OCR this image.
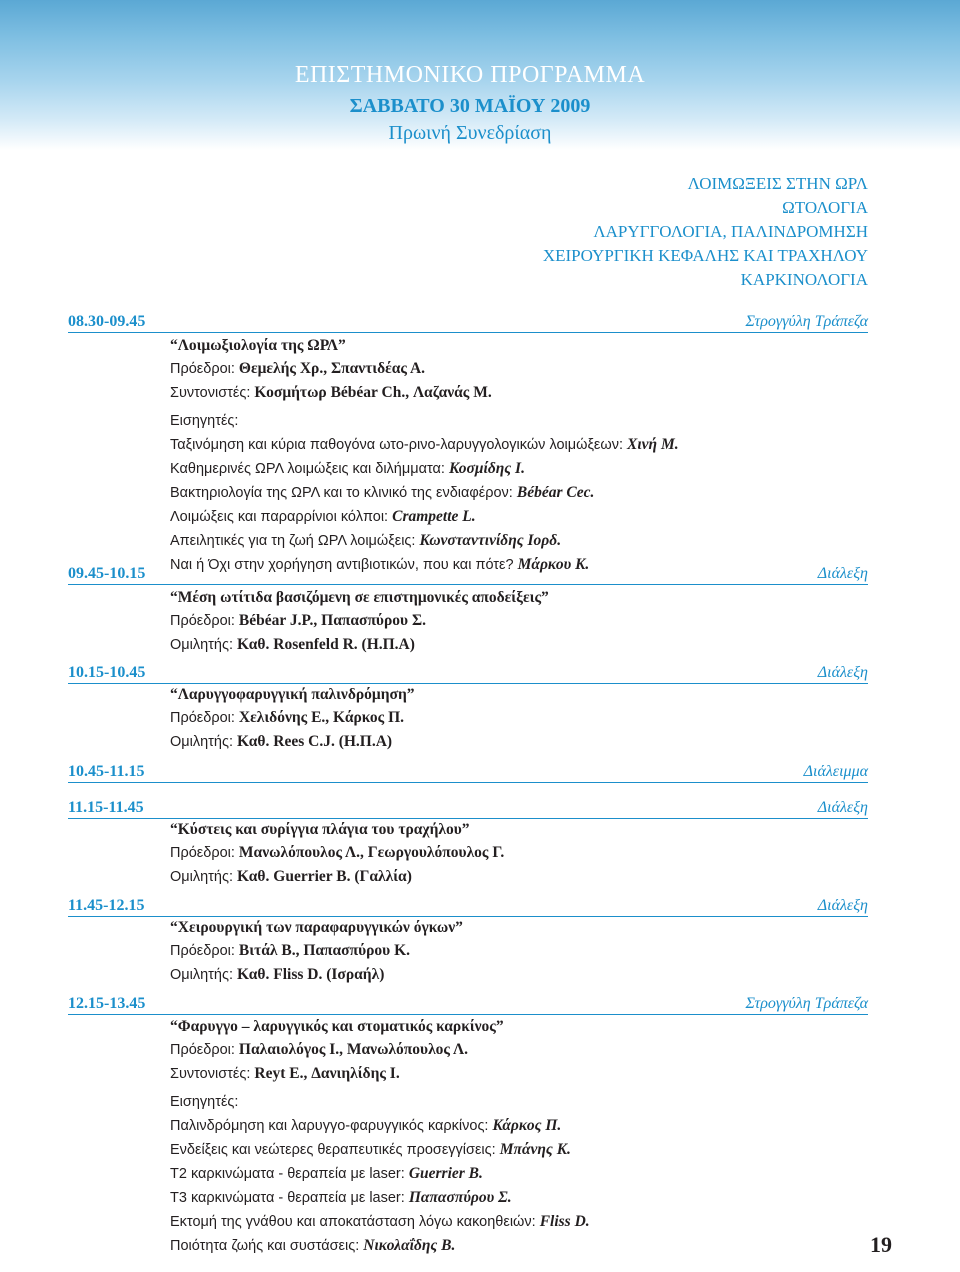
ΕΠΙΣΤΗΜΟΝΙΚΟ ΠΡΟΓΡΑΜΜΑ
ΣΑΒΒΑΤΟ 30 ΜΑΪΟΥ 2009
Πρωινή Συνεδρίαση
ΛΟΙΜΩΞΕΙΣ ΣΤΗΝ ΩΡΛ
ΩΤΟΛΟΓΙΑ
ΛΑΡΥΓΓΟΛΟΓΙΑ, ΠΑΛΙΝΔΡΟΜΗΣΗ
ΧΕΙΡΟΥΡΓΙΚΗ ΚΕΦΑΛΗΣ ΚΑΙ ΤΡΑΧΗΛΟΥ
ΚΑΡΚΙΝΟΛΟΓΙΑ
08.30-09.45	Στρογγύλη Τράπεζα
“Λοιμωξιολογία της ΩΡΛ”
Πρόεδροι: Θεμελής Χρ., Σπαντιδέας Α.
Συντονιστές: Κοσμήτωρ Bébéar Ch., Λαζανάς Μ.
Εισηγητές:
Ταξινόμηση και κύρια παθογόνα ωτο-ρινο-λαρυγγολογικών λοιμώξεων: Χινή Μ.
Καθημερινές ΩΡΛ λοιμώξεις και διλήμματα: Κοσμίδης Ι.
Βακτηριολογία της ΩΡΛ και το κλινικό της ενδιαφέρον: Bébéar Cec.
Λοιμώξεις και παραρρίνιοι κόλποι: Crampette L.
Απειλητικές για τη ζωή ΩΡΛ λοιμώξεις: Κωνσταντινίδης Ιορδ.
Ναι ή Όχι στην χορήγηση αντιβιοτικών, που και πότε? Μάρκου Κ.
09.45-10.15	Διάλεξη
“Μέση ωτίτιδα βασιζόμενη σε επιστημονικές αποδείξεις”
Πρόεδροι: Bébéar J.P., Παπασπύρου Σ.
Ομιλητής: Καθ. Rosenfeld R. (Η.Π.Α)
10.15-10.45	Διάλεξη
“Λαρυγγοφαρυγγική παλινδρόμηση”
Πρόεδροι: Χελιδόνης Ε., Κάρκος Π.
Ομιλητής: Καθ. Rees C.J. (Η.Π.Α)
10.45-11.15	Διάλειμμα
11.15-11.45	Διάλεξη
“Κύστεις και συρίγγια πλάγια του τραχήλου”
Πρόεδροι: Μανωλόπουλος Λ., Γεωργουλόπουλος Γ.
Ομιλητής: Καθ. Guerrier B. (Γαλλία)
11.45-12.15	Διάλεξη
“Χειρουργική των παραφαρυγγικών όγκων”
Πρόεδροι: Βιτάλ Β., Παπασπύρου Κ.
Ομιλητής: Καθ. Fliss D. (Ισραήλ)
12.15-13.45	Στρογγύλη Τράπεζα
“Φαρυγγο – λαρυγγικός και στοματικός καρκίνος”
Πρόεδροι: Παλαιολόγος Ι., Μανωλόπουλος Λ.
Συντονιστές: Reyt E., Δανιηλίδης Ι.
Εισηγητές:
Παλινδρόμηση και λαρυγγο-φαρυγγικός καρκίνος: Κάρκος Π.
Ενδείξεις και νεώτερες θεραπευτικές προσεγγίσεις: Μπάνης Κ.
T2 καρκινώματα - θεραπεία με laser: Guerrier B.
T3 καρκινώματα - θεραπεία με laser: Παπασπύρου Σ.
Εκτομή της γνάθου και αποκατάσταση λόγω κακοηθειών: Fliss D.
Ποιότητα ζωής και συστάσεις: Νικολαΐδης Β.	19
